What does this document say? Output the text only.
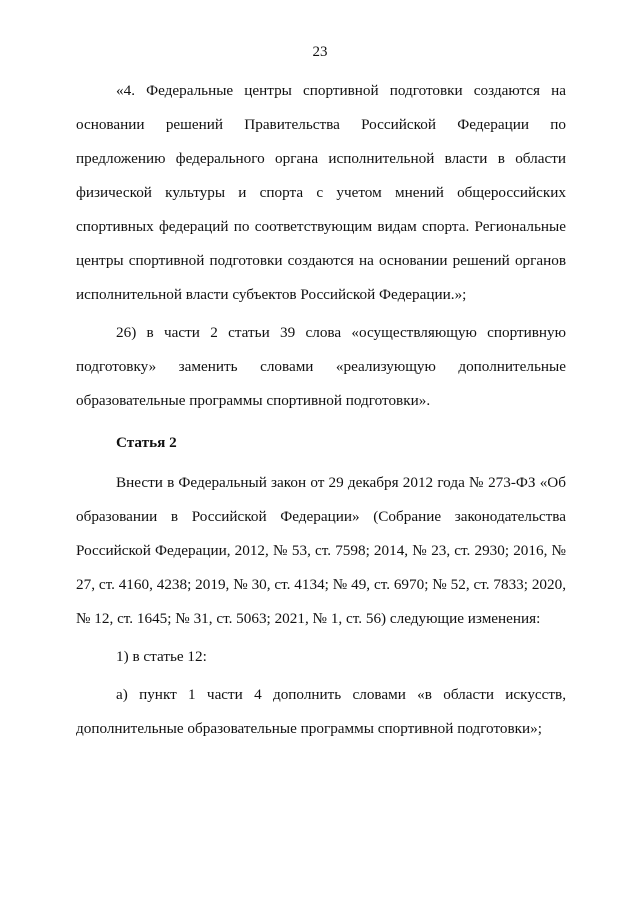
23

«4. Федеральные центры спортивной подготовки создаются на основании решений Правительства Российской Федерации по предложению федерального органа исполнительной власти в области физической культуры и спорта с учетом мнений общероссийских спортивных федераций по соответствующим видам спорта. Региональные центры спортивной подготовки создаются на основании решений органов исполнительной власти субъектов Российской Федерации.»;

26) в части 2 статьи 39 слова «осуществляющую спортивную подготовку» заменить словами «реализующую дополнительные образовательные программы спортивной подготовки».

Статья 2

Внести в Федеральный закон от 29 декабря 2012 года № 273-ФЗ «Об образовании в Российской Федерации» (Собрание законодательства Российской Федерации, 2012, № 53, ст. 7598; 2014, № 23, ст. 2930; 2016, № 27, ст. 4160, 4238; 2019, № 30, ст. 4134; № 49, ст. 6970; № 52, ст. 7833; 2020, № 12, ст. 1645; № 31, ст. 5063; 2021, № 1, ст. 56) следующие изменения:

1) в статье 12:

а) пункт 1 части 4 дополнить словами «в области искусств, дополнительные образовательные программы спортивной подготовки»;
